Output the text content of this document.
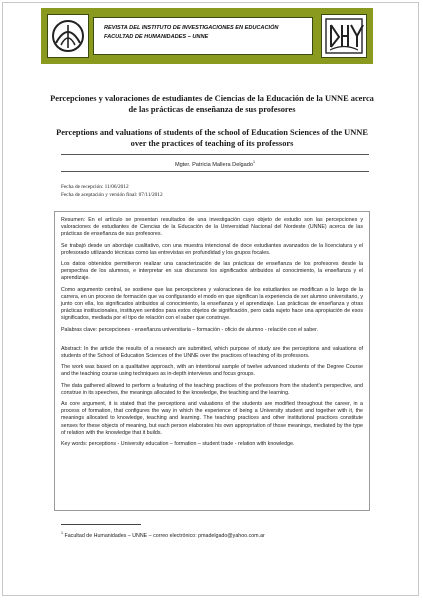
REVISTA DEL INSTITUTO DE INVESTIGACIONES EN EDUCACIÓN
FACULTAD DE HUMANIDADES – UNNE
Percepciones y valoraciones de estudiantes de Ciencias de la Educación de la UNNE acerca de las prácticas de enseñanza de sus profesores
Perceptions and valuations of students of the school of Education Sciences of the UNNE over the practices of teaching of its professors
Mgter. Patricia Mallera Delgado$^1$
Fecha de recepción: 11/06/2012
Fecha de aceptación y versión final: 07/11/2012

Resumen: En el artículo se presentan resultados de una investigación cuyo objeto de estudio son las percepciones y valoraciones de estudiantes de Ciencias de la Educación de la Universidad Nacional del Nordeste (UNNE) acerca de las prácticas de enseñanza de sus profesores.

Se trabajó desde un abordaje cualitativo, con una muestra intencional de doce estudiantes avanzados de la licenciatura y el profesorado utilizando técnicas como las entrevistas en profundidad y los grupos focales.

Los datos obtenidos permitieron realizar una caracterización de las prácticas de enseñanza de los profesores desde la perspectiva de los alumnos, e interpretar en sus discursos los significados atribuidos al conocimiento, la enseñanza y el aprendizaje.

Como argumento central, se sostiene que las percepciones y valoraciones de los estudiantes se modifican a lo largo de la carrera, en un proceso de formación que va configurando el modo en que significan la experiencia de ser alumno universitario, y junto con ella, los significados atribuidos al conocimiento, la enseñanza y el aprendizaje. Las prácticas de enseñanza y otras prácticas institucionales, instituyen sentidos para estos objetos de significación, pero cada sujeto hace una apropiación de esos significados, mediada por el tipo de relación con el saber que construye.

Palabras clave: percepciones - enseñanza universitaria – formación - oficio de alumno - relación con el saber.

Abstract: In the article the results of a research are submitted, which purpose of study are the perceptions and valuations of students of the School of Education Sciences of the UNNE over the practices of teaching of its professors.

The work was based on a qualitative approach, with an intentional sample of twelve advanced students of the Degree Course and the teaching course using techniques as in-depth interviews and focus groups.

The data gathered allowed to perform a featuring of the teaching practices of the professors from the student's perspective, and construe in its speeches, the meanings allocated to the knowledge, the teaching and the learning.

As core argument, it is stated that the perceptions and valuations of the students are modified throughout the career, in a process of formation, that configures the way in which the experience of being a University student and together with it, the meanings allocated to knowledge, teaching and learning. The teaching practices and other institutional practices constitute senses for these objects of meaning, but each person elaborates his own appropriation of those meanings, mediated by the type of relation with the knowledge that it builds.

Key words: perceptions - University education – formation – student trade - relation with knowledge.

$^1$ Facultad de Humanidades – UNNE – correo electrónico: pmadelgado@yahoo.com.ar
